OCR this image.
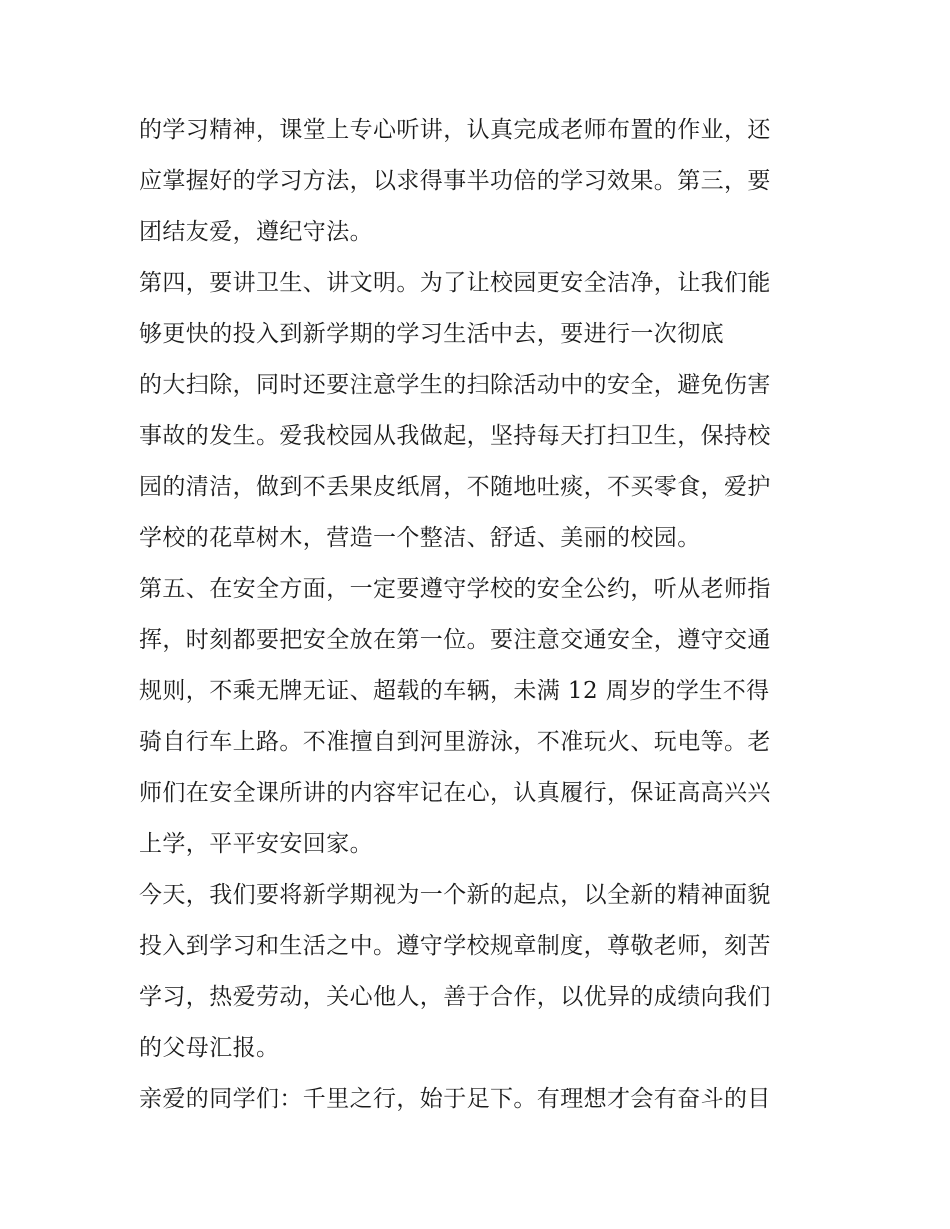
的学习精神，课堂上专心听讲，认真完成老师布置的作业，还
应掌握好的学习方法，以求得事半功倍的学习效果。第三，要
团结友爱，遵纪守法。
第四，要讲卫生、讲文明。为了让校园更安全洁净，让我们能
够更快的投入到新学期的学习生活中去，要进行一次彻底
的大扫除，同时还要注意学生的扫除活动中的安全，避免伤害
事故的发生。爱我校园从我做起，坚持每天打扫卫生，保持校
园的清洁，做到不丢果皮纸屑，不随地吐痰，不买零食，爱护
学校的花草树木，营造一个整洁、舒适、美丽的校园。
第五、在安全方面，一定要遵守学校的安全公约，听从老师指
挥，时刻都要把安全放在第一位。要注意交通安全，遵守交通
规则，不乘无牌无证、超载的车辆，未满 12 周岁的学生不得
骑自行车上路。不准擅自到河里游泳，不准玩火、玩电等。老
师们在安全课所讲的内容牢记在心，认真履行，保证高高兴兴
上学，平平安安回家。
今天，我们要将新学期视为一个新的起点，以全新的精神面貌
投入到学习和生活之中。遵守学校规章制度，尊敬老师，刻苦
学习，热爱劳动，关心他人，善于合作，以优异的成绩向我们
的父母汇报。
亲爱的同学们：千里之行，始于足下。有理想才会有奋斗的目
